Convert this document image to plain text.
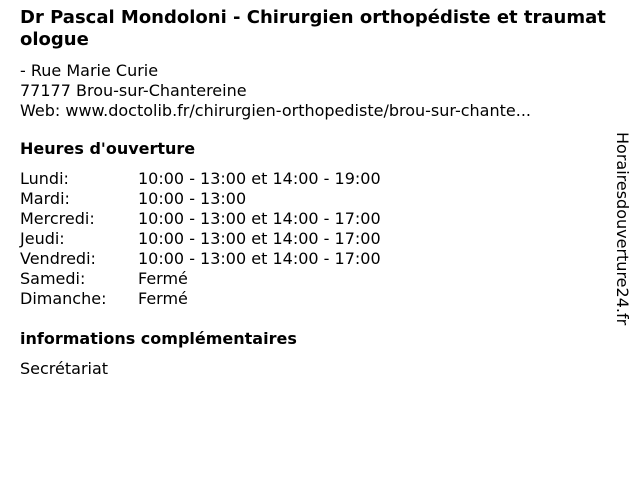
Dr Pascal Mondoloni - Chirurgien orthopédiste et traumatologue
- Rue Marie Curie
77177 Brou-sur-Chantereine
Web: www.doctolib.fr/chirurgien-orthopediste/brou-sur-chante...
Heures d'ouverture
Lundi:	10:00 - 13:00 et 14:00 - 19:00
Mardi:	10:00 - 13:00
Mercredi:	10:00 - 13:00 et 14:00 - 17:00
Jeudi:	10:00 - 13:00 et 14:00 - 17:00
Vendredi:	10:00 - 13:00 et 14:00 - 17:00
Samedi:	Fermé
Dimanche:	Fermé
informations complémentaires
Secrétariat
Horairesdouverture24.fr
